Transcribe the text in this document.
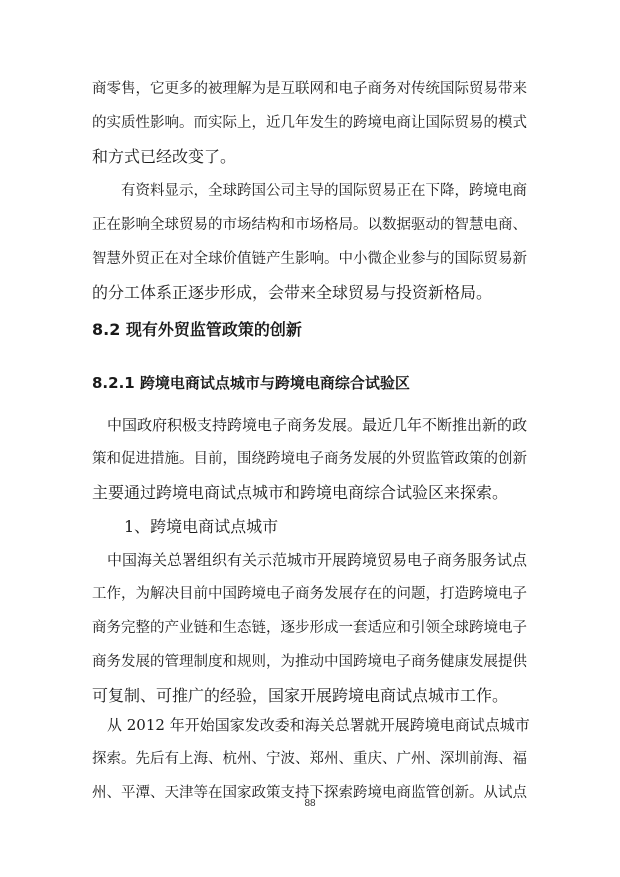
商零售，它更多的被理解为是互联网和电子商务对传统国际贸易带来
的实质性影响。而实际上，近几年发生的跨境电商让国际贸易的模式
和方式已经改变了。

　　有资料显示，全球跨国公司主导的国际贸易正在下降，跨境电商
正在影响全球贸易的市场结构和市场格局。以数据驱动的智慧电商、
智慧外贸正在对全球价值链产生影响。中小微企业参与的国际贸易新
的分工体系正逐步形成，会带来全球贸易与投资新格局。

8.2 现有外贸监管政策的创新
8.2.1 跨境电商试点城市与跨境电商综合试验区

　中国政府积极支持跨境电子商务发展。最近几年不断推出新的政
策和促进措施。目前，围绕跨境电子商务发展的外贸监管政策的创新
主要通过跨境电商试点城市和跨境电商综合试验区来探索。

　　1、跨境电商试点城市

　中国海关总署组织有关示范城市开展跨境贸易电子商务服务试点
工作，为解决目前中国跨境电子商务发展存在的问题，打造跨境电子
商务完整的产业链和生态链，逐步形成一套适应和引领全球跨境电子
商务发展的管理制度和规则，为推动中国跨境电子商务健康发展提供
可复制、可推广的经验，国家开展跨境电商试点城市工作。

　从 2012 年开始国家发改委和海关总署就开展跨境电商试点城市
探索。先后有上海、杭州、宁波、郑州、重庆、广州、深圳前海、福
州、平潭、天津等在国家政策支持下探索跨境电商监管创新。从试点

88
